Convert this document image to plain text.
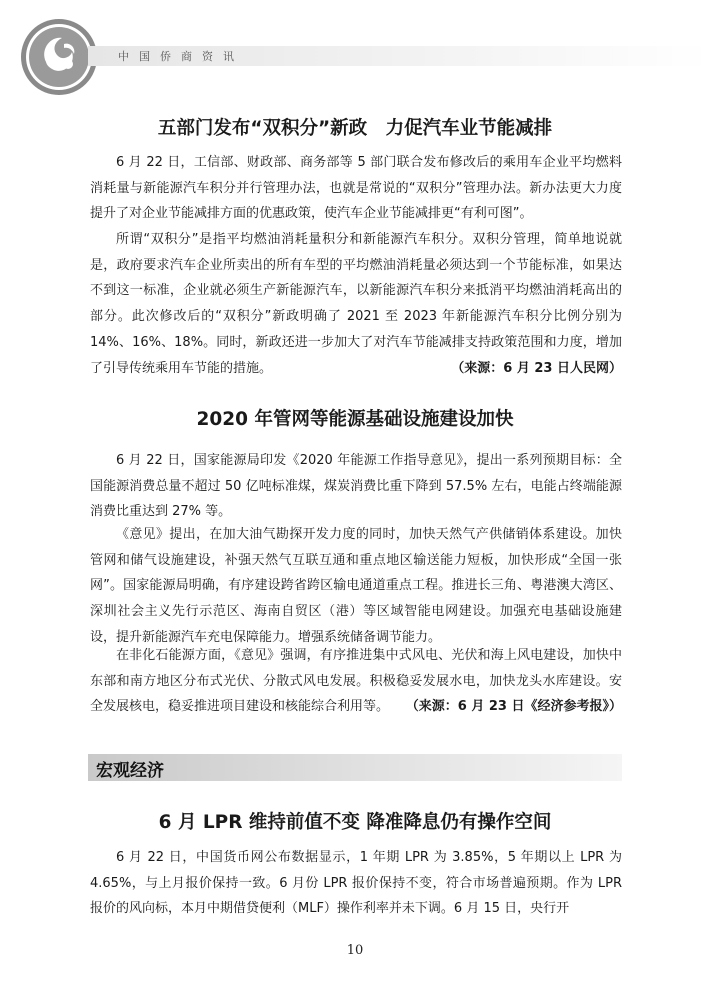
中国侨商资讯
五部门发布“双积分”新政　力促汽车业节能减排

6 月 22 日，工信部、财政部、商务部等 5 部门联合发布修改后的乘用车企业平均燃料消耗量与新能源汽车积分并行管理办法，也就是常说的“双积分”管理办法。新办法更大力度提升了对企业节能减排方面的优惠政策，使汽车企业节能减排更“有利可图”。

所谓“双积分”是指平均燃油消耗量积分和新能源汽车积分。双积分管理，简单地说就是，政府要求汽车企业所卖出的所有车型的平均燃油消耗量必须达到一个节能标准，如果达不到这一标准，企业就必须生产新能源汽车，以新能源汽车积分来抵消平均燃油消耗高出的部分。此次修改后的“双积分”新政明确了 2021 至 2023 年新能源汽车积分比例分别为 14%、16%、18%。同时，新政还进一步加大了对汽车节能减排支持政策范围和力度，增加了引导传统乘用车节能的措施。	（来源：6 月 23 日人民网）

2020 年管网等能源基础设施建设加快

6 月 22 日，国家能源局印发《2020 年能源工作指导意见》，提出一系列预期目标：全国能源消费总量不超过 50 亿吨标准煤，煤炭消费比重下降到 57.5% 左右，电能占终端能源消费比重达到 27% 等。

《意见》提出，在加大油气勘探开发力度的同时，加快天然气产供储销体系建设。加快管网和储气设施建设，补强天然气互联互通和重点地区输送能力短板，加快形成“全国一张网”。国家能源局明确，有序建设跨省跨区输电通道重点工程。推进长三角、粤港澳大湾区、深圳社会主义先行示范区、海南自贸区（港）等区域智能电网建设。加强充电基础设施建设，提升新能源汽车充电保障能力。增强系统储备调节能力。

在非化石能源方面，《意见》强调，有序推进集中式风电、光伏和海上风电建设，加快中东部和南方地区分布式光伏、分散式风电发展。积极稳妥发展水电，加快龙头水库建设。安全发展核电，稳妥推进项目建设和核能综合利用等。 （来源：6 月 23 日《经济参考报》）

宏观经济
6 月 LPR 维持前值不变 降准降息仍有操作空间

6 月 22 日，中国货币网公布数据显示，1 年期 LPR 为 3.85%，5 年期以上 LPR 为 4.65%，与上月报价保持一致。6 月份 LPR 报价保持不变，符合市场普遍预期。作为 LPR 报价的风向标，本月中期借贷便利（MLF）操作利率并未下调。6 月 15 日，央行开

10
